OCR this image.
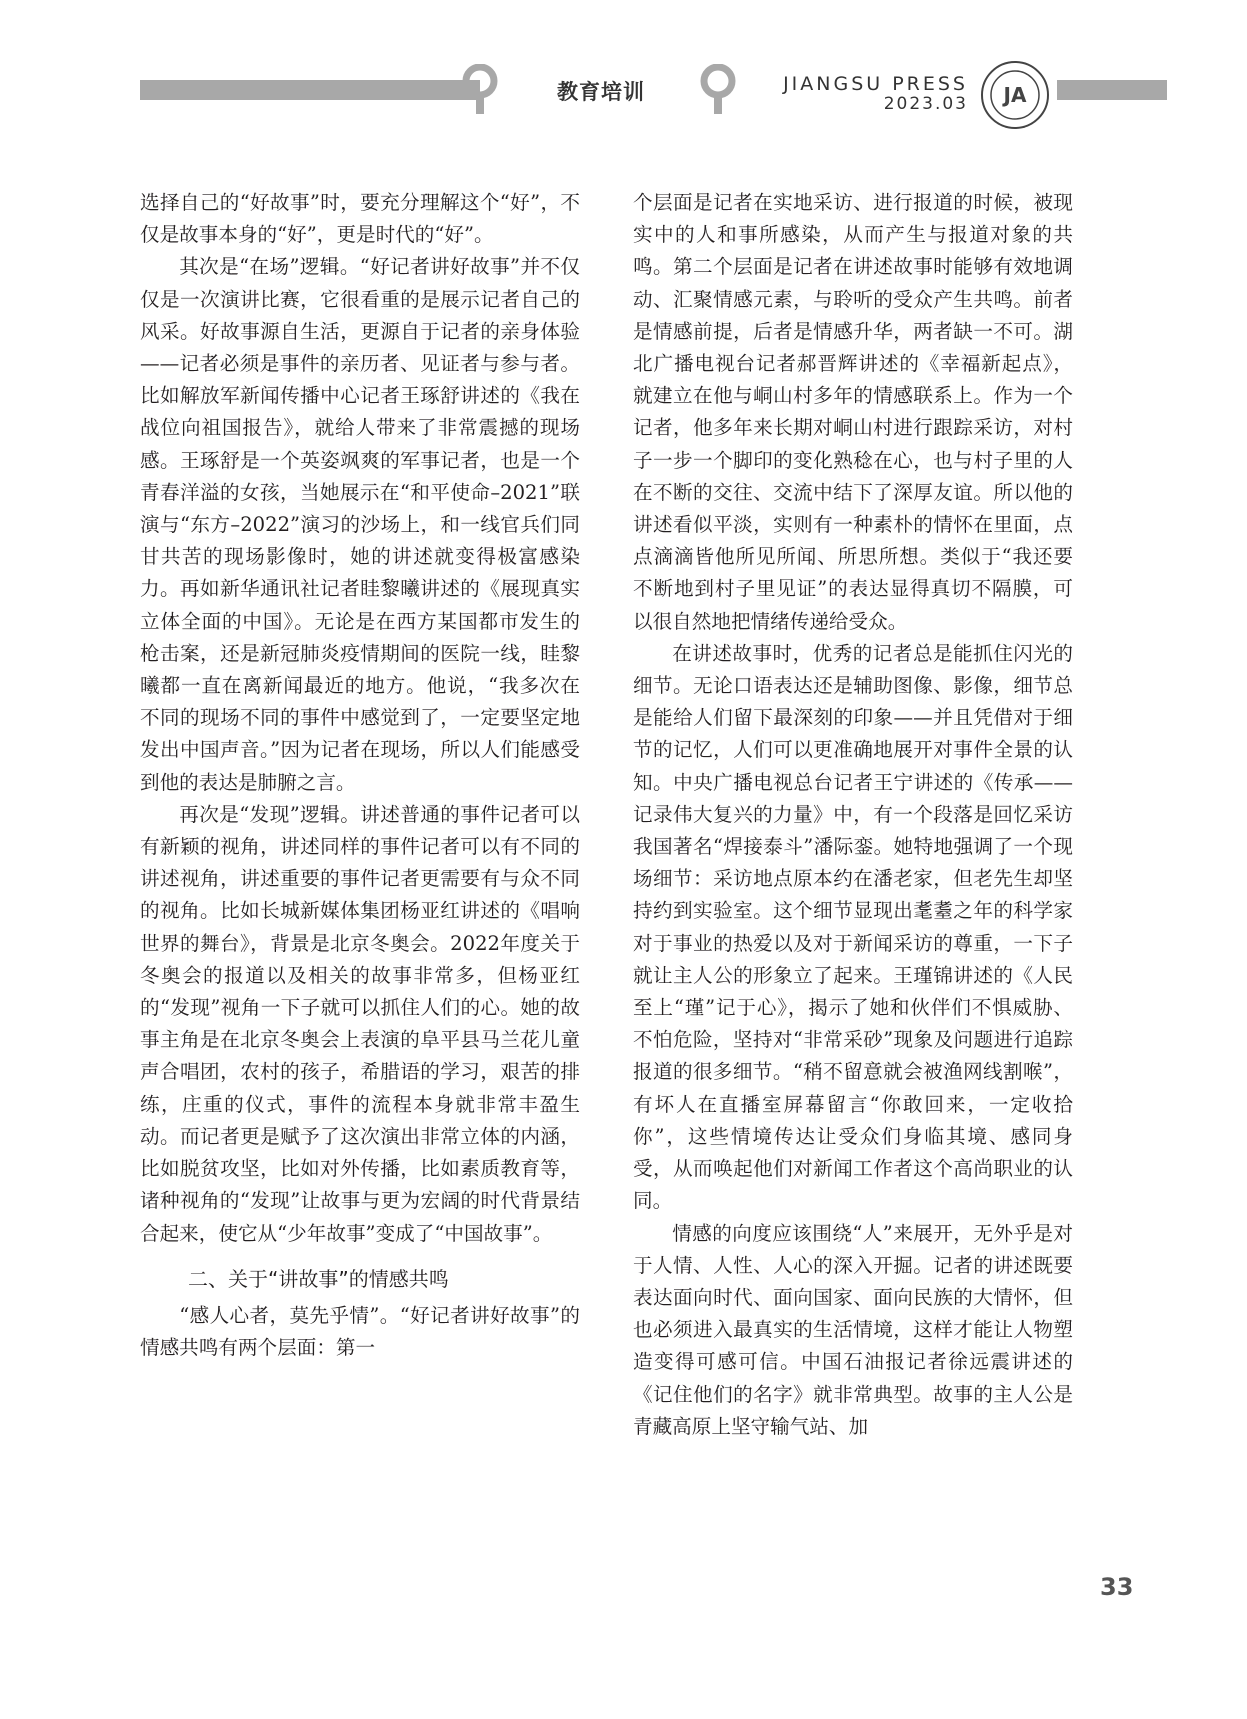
教育培训	JIANGSU PRESS
2023.03 JA

选择自己的“好故事”时，要充分理解这个“好”，不仅是故事本身的“好”，更是时代的“好”。

其次是“在场”逻辑。“好记者讲好故事”并不仅仅是一次演讲比赛，它很看重的是展示记者自己的风采。好故事源自生活，更源自于记者的亲身体验——记者必须是事件的亲历者、见证者与参与者。比如解放军新闻传播中心记者王琢舒讲述的《我在战位向祖国报告》，就给人带来了非常震撼的现场感。王琢舒是一个英姿飒爽的军事记者，也是一个青春洋溢的女孩，当她展示在“和平使命–2021”联演与“东方–2022”演习的沙场上，和一线官兵们同甘共苦的现场影像时，她的讲述就变得极富感染力。再如新华通讯社记者眭黎曦讲述的《展现真实立体全面的中国》。无论是在西方某国都市发生的枪击案，还是新冠肺炎疫情期间的医院一线，眭黎曦都一直在离新闻最近的地方。他说，“我多次在不同的现场不同的事件中感觉到了，一定要坚定地发出中国声音。”因为记者在现场，所以人们能感受到他的表达是肺腑之言。

再次是“发现”逻辑。讲述普通的事件记者可以有新颖的视角，讲述同样的事件记者可以有不同的讲述视角，讲述重要的事件记者更需要有与众不同的视角。比如长城新媒体集团杨亚红讲述的《唱响世界的舞台》，背景是北京冬奥会。2022年度关于冬奥会的报道以及相关的故事非常多，但杨亚红的“发现”视角一下子就可以抓住人们的心。她的故事主角是在北京冬奥会上表演的阜平县马兰花儿童声合唱团，农村的孩子，希腊语的学习，艰苦的排练，庄重的仪式，事件的流程本身就非常丰盈生动。而记者更是赋予了这次演出非常立体的内涵，比如脱贫攻坚，比如对外传播，比如素质教育等，诸种视角的“发现”让故事与更为宏阔的时代背景结合起来，使它从“少年故事”变成了“中国故事”。

二、关于“讲故事”的情感共鸣

“感人心者，莫先乎情”。“好记者讲好故事”的情感共鸣有两个层面：第一

个层面是记者在实地采访、进行报道的时候，被现实中的人和事所感染，从而产生与报道对象的共鸣。第二个层面是记者在讲述故事时能够有效地调动、汇聚情感元素，与聆听的受众产生共鸣。前者是情感前提，后者是情感升华，两者缺一不可。湖北广播电视台记者郝晋辉讲述的《幸福新起点》，就建立在他与峒山村多年的情感联系上。作为一个记者，他多年来长期对峒山村进行跟踪采访，对村子一步一个脚印的变化熟稔在心，也与村子里的人在不断的交往、交流中结下了深厚友谊。所以他的讲述看似平淡，实则有一种素朴的情怀在里面，点点滴滴皆他所见所闻、所思所想。类似于“我还要不断地到村子里见证”的表达显得真切不隔膜，可以很自然地把情绪传递给受众。

在讲述故事时，优秀的记者总是能抓住闪光的细节。无论口语表达还是辅助图像、影像，细节总是能给人们留下最深刻的印象——并且凭借对于细节的记忆，人们可以更准确地展开对事件全景的认知。中央广播电视总台记者王宁讲述的《传承——记录伟大复兴的力量》中，有一个段落是回忆采访我国著名“焊接泰斗”潘际銮。她特地强调了一个现场细节：采访地点原本约在潘老家，但老先生却坚持约到实验室。这个细节显现出耄耋之年的科学家对于事业的热爱以及对于新闻采访的尊重，一下子就让主人公的形象立了起来。王瑾锦讲述的《人民至上“瑾”记于心》，揭示了她和伙伴们不惧威胁、不怕危险，坚持对“非常采砂”现象及问题进行追踪报道的很多细节。“稍不留意就会被渔网线割喉”，有坏人在直播室屏幕留言“你敢回来，一定收拾你”，这些情境传达让受众们身临其境、感同身受，从而唤起他们对新闻工作者这个高尚职业的认同。

情感的向度应该围绕“人”来展开，无外乎是对于人情、人性、人心的深入开掘。记者的讲述既要表达面向时代、面向国家、面向民族的大情怀，但也必须进入最真实的生活情境，这样才能让人物塑造变得可感可信。中国石油报记者徐远震讲述的《记住他们的名字》就非常典型。故事的主人公是青藏高原上坚守输气站、加

33
